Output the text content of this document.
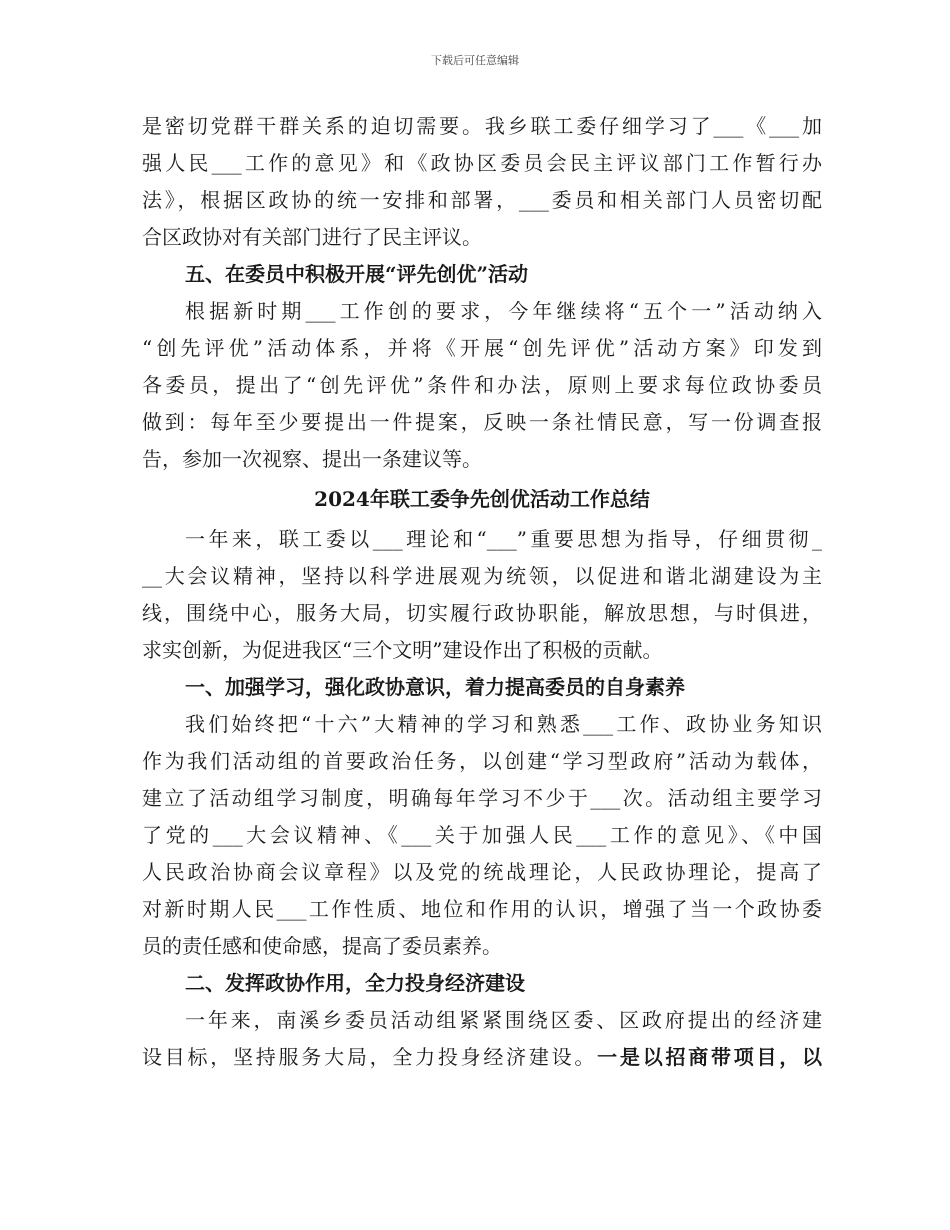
下载后可任意编辑
是密切党群干群关系的迫切需要。我乡联工委仔细学习了___《___加
强人民___工作的意见》和《政协区委员会民主评议部门工作暂行办
法》，根据区政协的统一安排和部署，___委员和相关部门人员密切配
合区政协对有关部门进行了民主评议。
五、在委员中积极开展“评先创优”活动
根据新时期___工作创的要求，今年继续将“五个一”活动纳入
“创先评优”活动体系，并将《开展“创先评优”活动方案》印发到
各委员，提出了“创先评优”条件和办法，原则上要求每位政协委员
做到：每年至少要提出一件提案，反映一条社情民意，写一份调查报
告，参加一次视察、提出一条建议等。
2024年联工委争先创优活动工作总结
一年来，联工委以___理论和“___”重要思想为指导，仔细贯彻_
__大会议精神，坚持以科学进展观为统领，以促进和谐北湖建设为主
线，围绕中心，服务大局，切实履行政协职能，解放思想，与时俱进，
求实创新，为促进我区“三个文明”建设作出了积极的贡献。
一、加强学习，强化政协意识，着力提高委员的自身素养
我们始终把“十六”大精神的学习和熟悉___工作、政协业务知识
作为我们活动组的首要政治任务，以创建“学习型政府”活动为载体，
建立了活动组学习制度，明确每年学习不少于___次。活动组主要学习
了党的___大会议精神、《___关于加强人民___工作的意见》、《中国
人民政治协商会议章程》以及党的统战理论，人民政协理论，提高了
对新时期人民___工作性质、地位和作用的认识，增强了当一个政协委
员的责任感和使命感，提高了委员素养。
二、发挥政协作用，全力投身经济建设
一年来，南溪乡委员活动组紧紧围绕区委、区政府提出的经济建
设目标，坚持服务大局，全力投身经济建设。一是以招商带项目，以
